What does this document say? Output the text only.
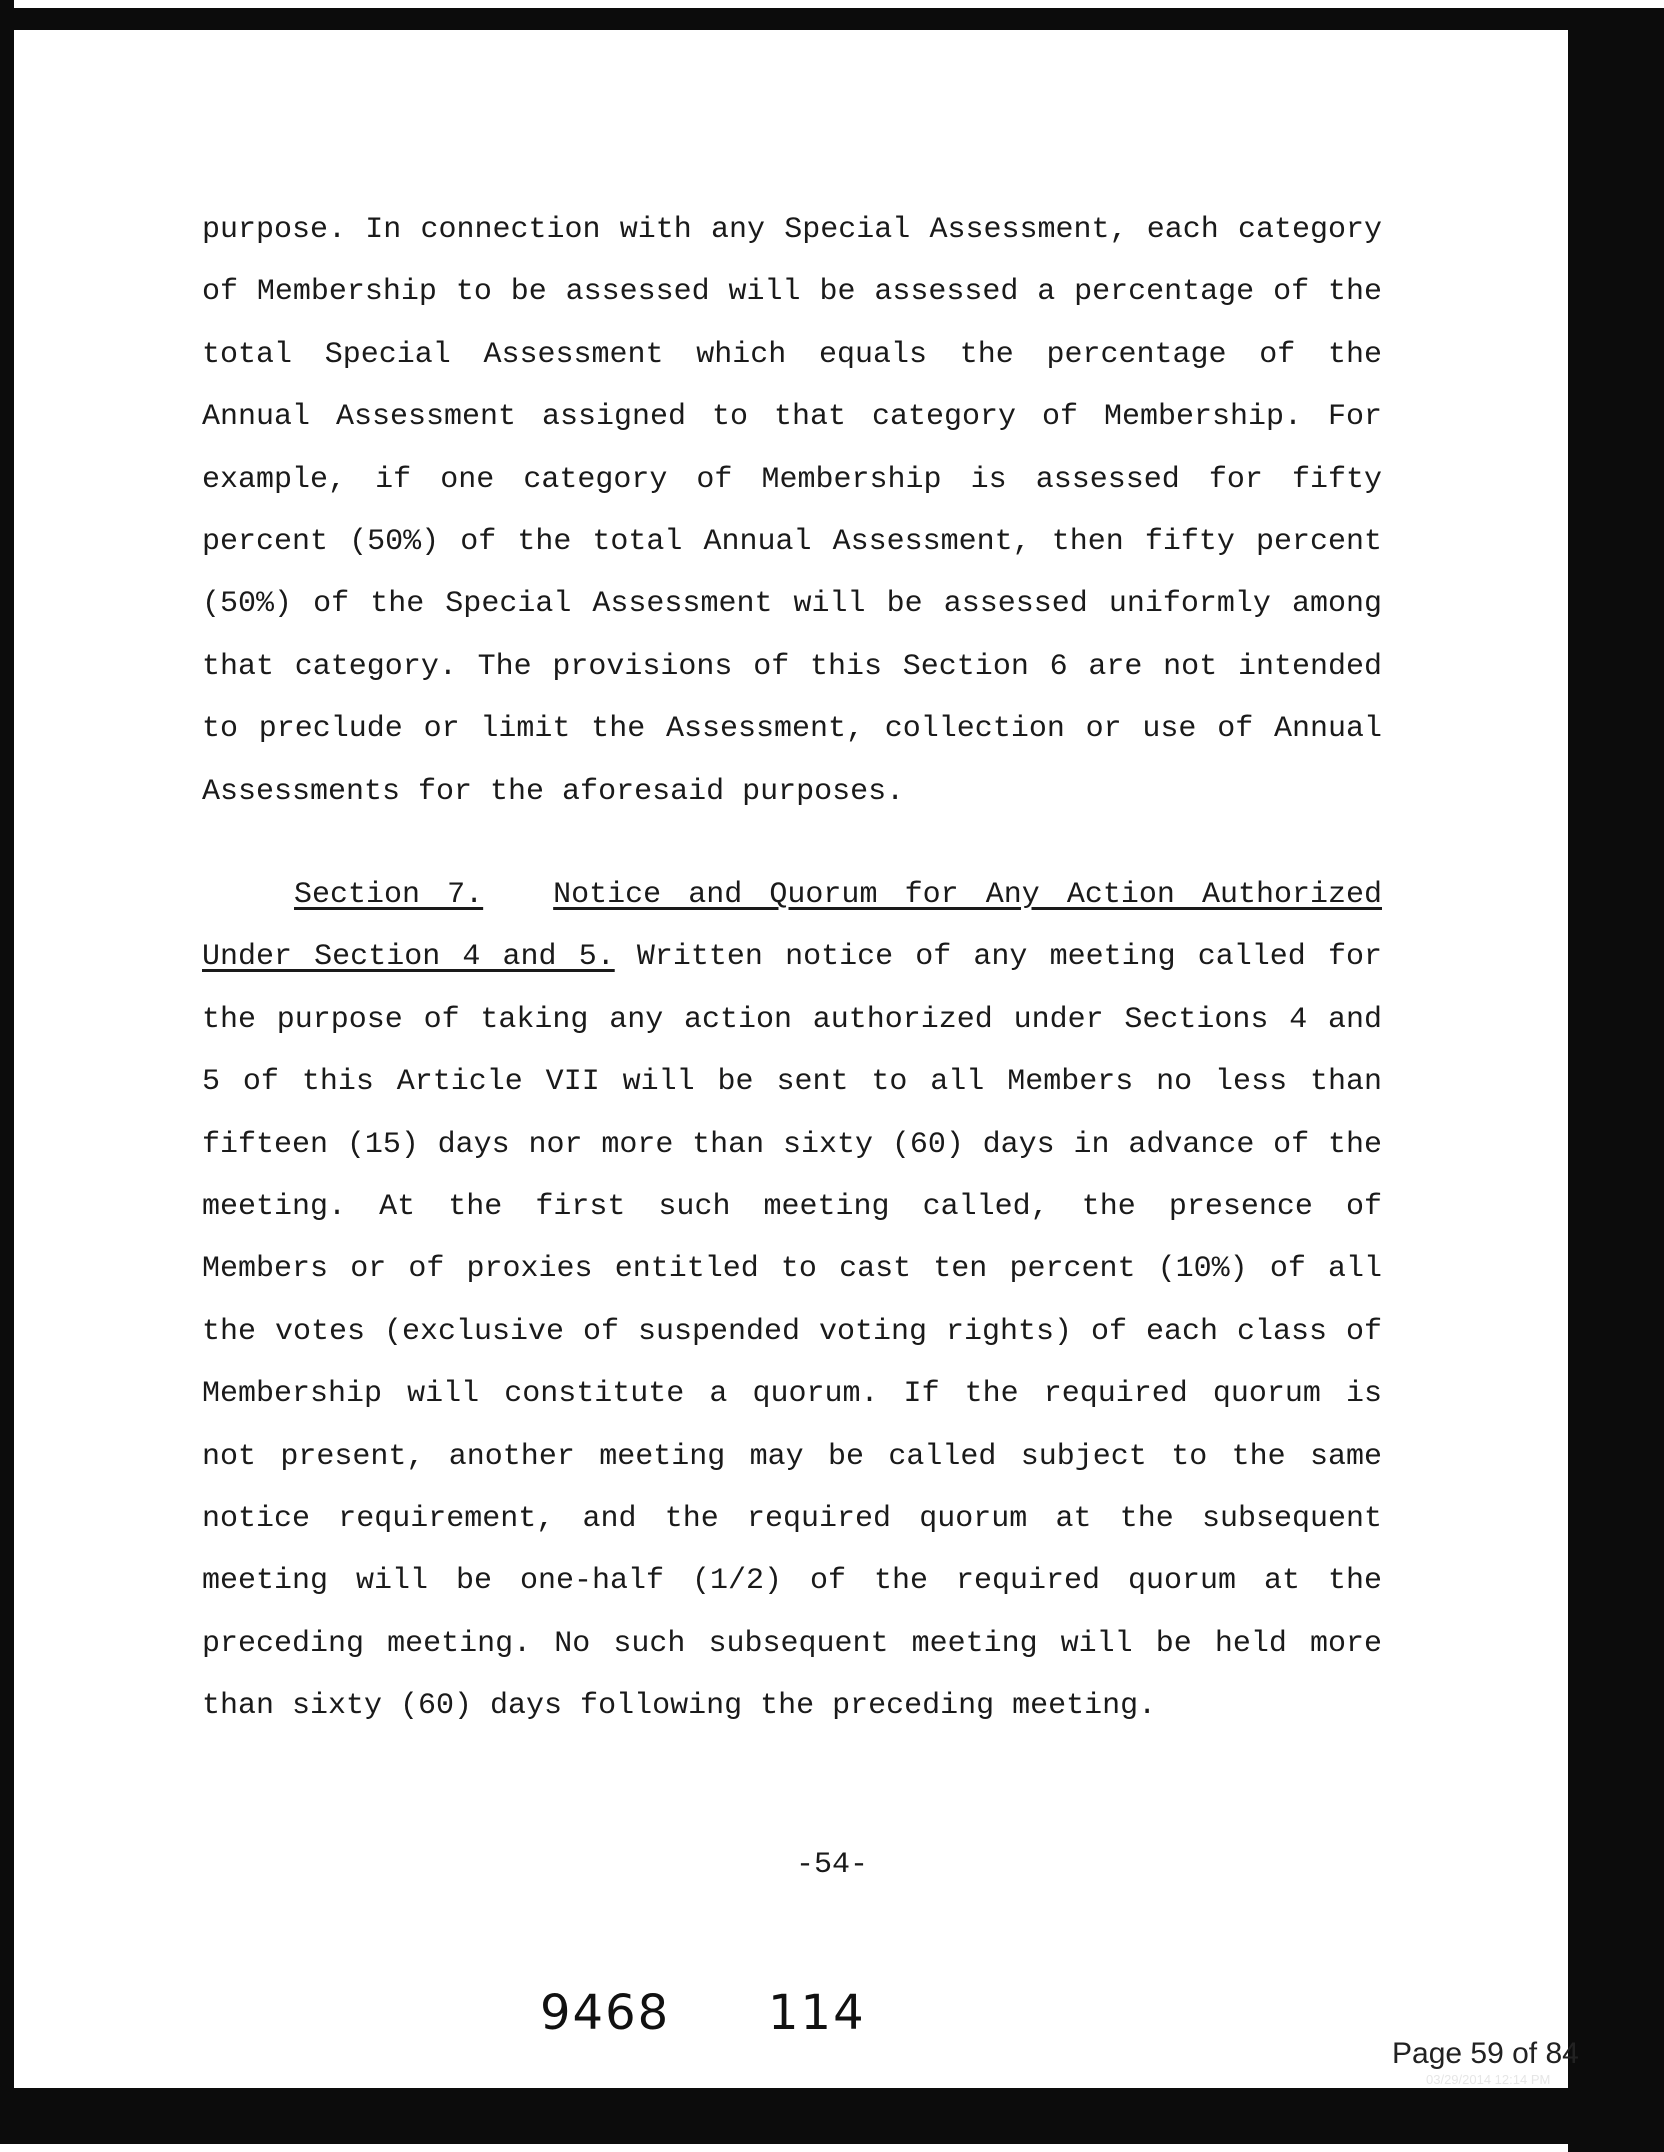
purpose. In connection with any Special Assessment, each category of Membership to be assessed will be assessed a percentage of the total Special Assessment which equals the percentage of the Annual Assessment assigned to that category of Membership. For example, if one category of Membership is assessed for fifty percent (50%) of the total Annual Assessment, then fifty percent (50%) of the Special Assessment will be assessed uniformly among that category. The provisions of this Section 6 are not intended to preclude or limit the Assessment, collection or use of Annual Assessments for the aforesaid purposes.
Section 7. Notice and Quorum for Any Action Authorized Under Section 4 and 5. Written notice of any meeting called for the purpose of taking any action authorized under Sections 4 and 5 of this Article VII will be sent to all Members no less than fifteen (15) days nor more than sixty (60) days in advance of the meeting. At the first such meeting called, the presence of Members or of proxies entitled to cast ten percent (10%) of all the votes (exclusive of suspended voting rights) of each class of Membership will constitute a quorum. If the required quorum is not present, another meeting may be called subject to the same notice requirement, and the required quorum at the subsequent meeting will be one-half (1/2) of the required quorum at the preceding meeting. No such subsequent meeting will be held more than sixty (60) days following the preceding meeting.
-54-
9468 114
Page 59 of 84
03/29/2014 12:14 PM
